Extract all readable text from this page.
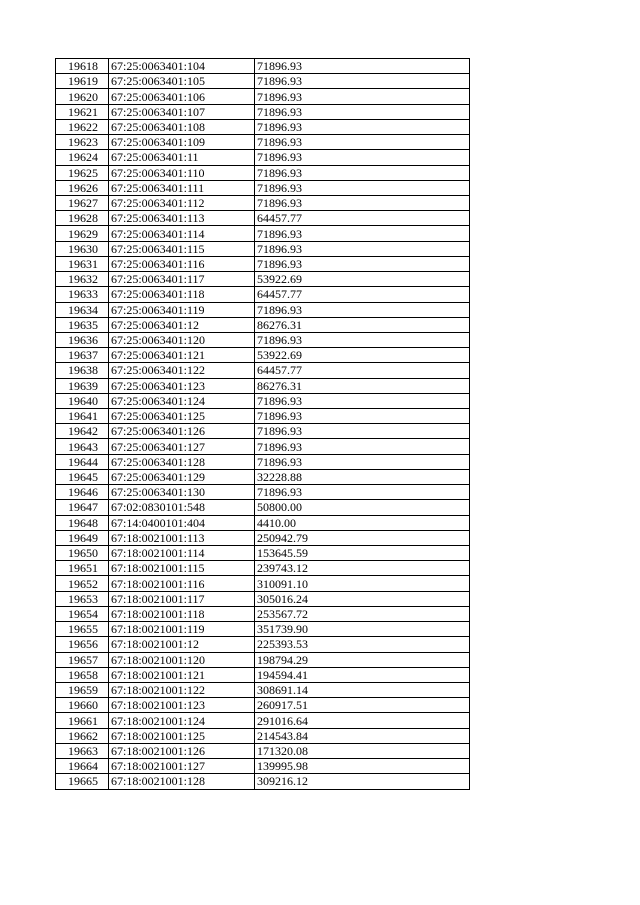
19618	67:25:0063401:104	71896.93
19619	67:25:0063401:105	71896.93
19620	67:25:0063401:106	71896.93
19621	67:25:0063401:107	71896.93
19622	67:25:0063401:108	71896.93
19623	67:25:0063401:109	71896.93
19624	67:25:0063401:11	71896.93
19625	67:25:0063401:110	71896.93
19626	67:25:0063401:111	71896.93
19627	67:25:0063401:112	71896.93
19628	67:25:0063401:113	64457.77
19629	67:25:0063401:114	71896.93
19630	67:25:0063401:115	71896.93
19631	67:25:0063401:116	71896.93
19632	67:25:0063401:117	53922.69
19633	67:25:0063401:118	64457.77
19634	67:25:0063401:119	71896.93
19635	67:25:0063401:12	86276.31
19636	67:25:0063401:120	71896.93
19637	67:25:0063401:121	53922.69
19638	67:25:0063401:122	64457.77
19639	67:25:0063401:123	86276.31
19640	67:25:0063401:124	71896.93
19641	67:25:0063401:125	71896.93
19642	67:25:0063401:126	71896.93
19643	67:25:0063401:127	71896.93
19644	67:25:0063401:128	71896.93
19645	67:25:0063401:129	32228.88
19646	67:25:0063401:130	71896.93
19647	67:02:0830101:548	50800.00
19648	67:14:0400101:404	4410.00
19649	67:18:0021001:113	250942.79
19650	67:18:0021001:114	153645.59
19651	67:18:0021001:115	239743.12
19652	67:18:0021001:116	310091.10
19653	67:18:0021001:117	305016.24
19654	67:18:0021001:118	253567.72
19655	67:18:0021001:119	351739.90
19656	67:18:0021001:12	225393.53
19657	67:18:0021001:120	198794.29
19658	67:18:0021001:121	194594.41
19659	67:18:0021001:122	308691.14
19660	67:18:0021001:123	260917.51
19661	67:18:0021001:124	291016.64
19662	67:18:0021001:125	214543.84
19663	67:18:0021001:126	171320.08
19664	67:18:0021001:127	139995.98
19665	67:18:0021001:128	309216.12
